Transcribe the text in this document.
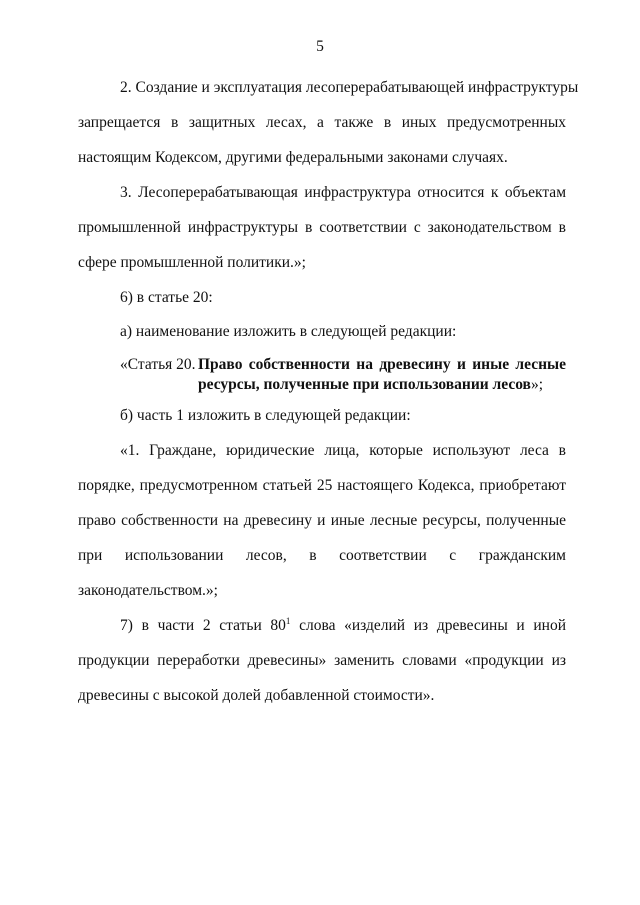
5
2. Создание и эксплуатация лесоперерабатывающей инфраструктуры
запрещается в защитных лесах, а также в иных предусмотренных
настоящим Кодексом, другими федеральными законами случаях.
3. Лесоперерабатывающая инфраструктура относится к объектам
промышленной инфраструктуры в соответствии с законодательством в
сфере промышленной политики.»;
6) в статье 20:
а) наименование изложить в следующей редакции:
«Статья 20. Право собственности на древесину и иные лесные
ресурсы, полученные при использовании лесов»;
б) часть 1 изложить в следующей редакции:
«1. Граждане, юридические лица, которые используют леса в
порядке, предусмотренном статьей 25 настоящего Кодекса, приобретают
право собственности на древесину и иные лесные ресурсы, полученные
при использовании лесов, в соответствии с гражданским
законодательством.»;
7) в части 2 статьи $80^1$ слова «изделий из древесины и иной
продукции переработки древесины» заменить словами «продукции из
древесины с высокой долей добавленной стоимости».
